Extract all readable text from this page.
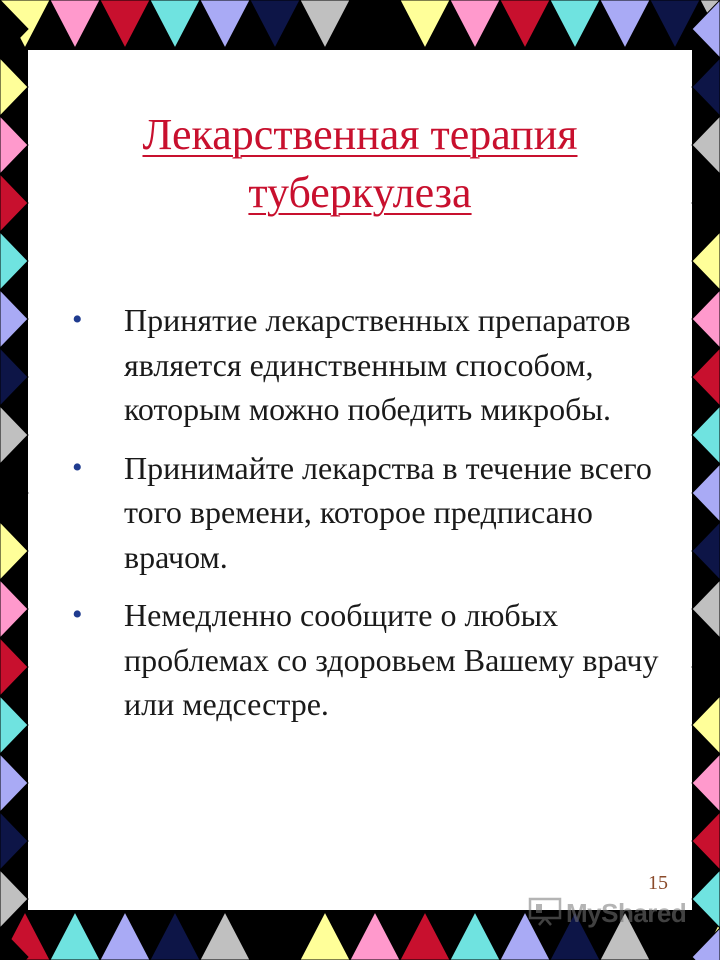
Лекарственная терапия
туберкулеза
• Принятие лекарственных препаратов является единственным способом, которым можно победить микробы.
• Принимайте лекарства в течение всего того времени, которое предписано врачом.
• Немедленно сообщите о любых проблемах со здоровьем Вашему врачу или медсестре.
15
MyShared
